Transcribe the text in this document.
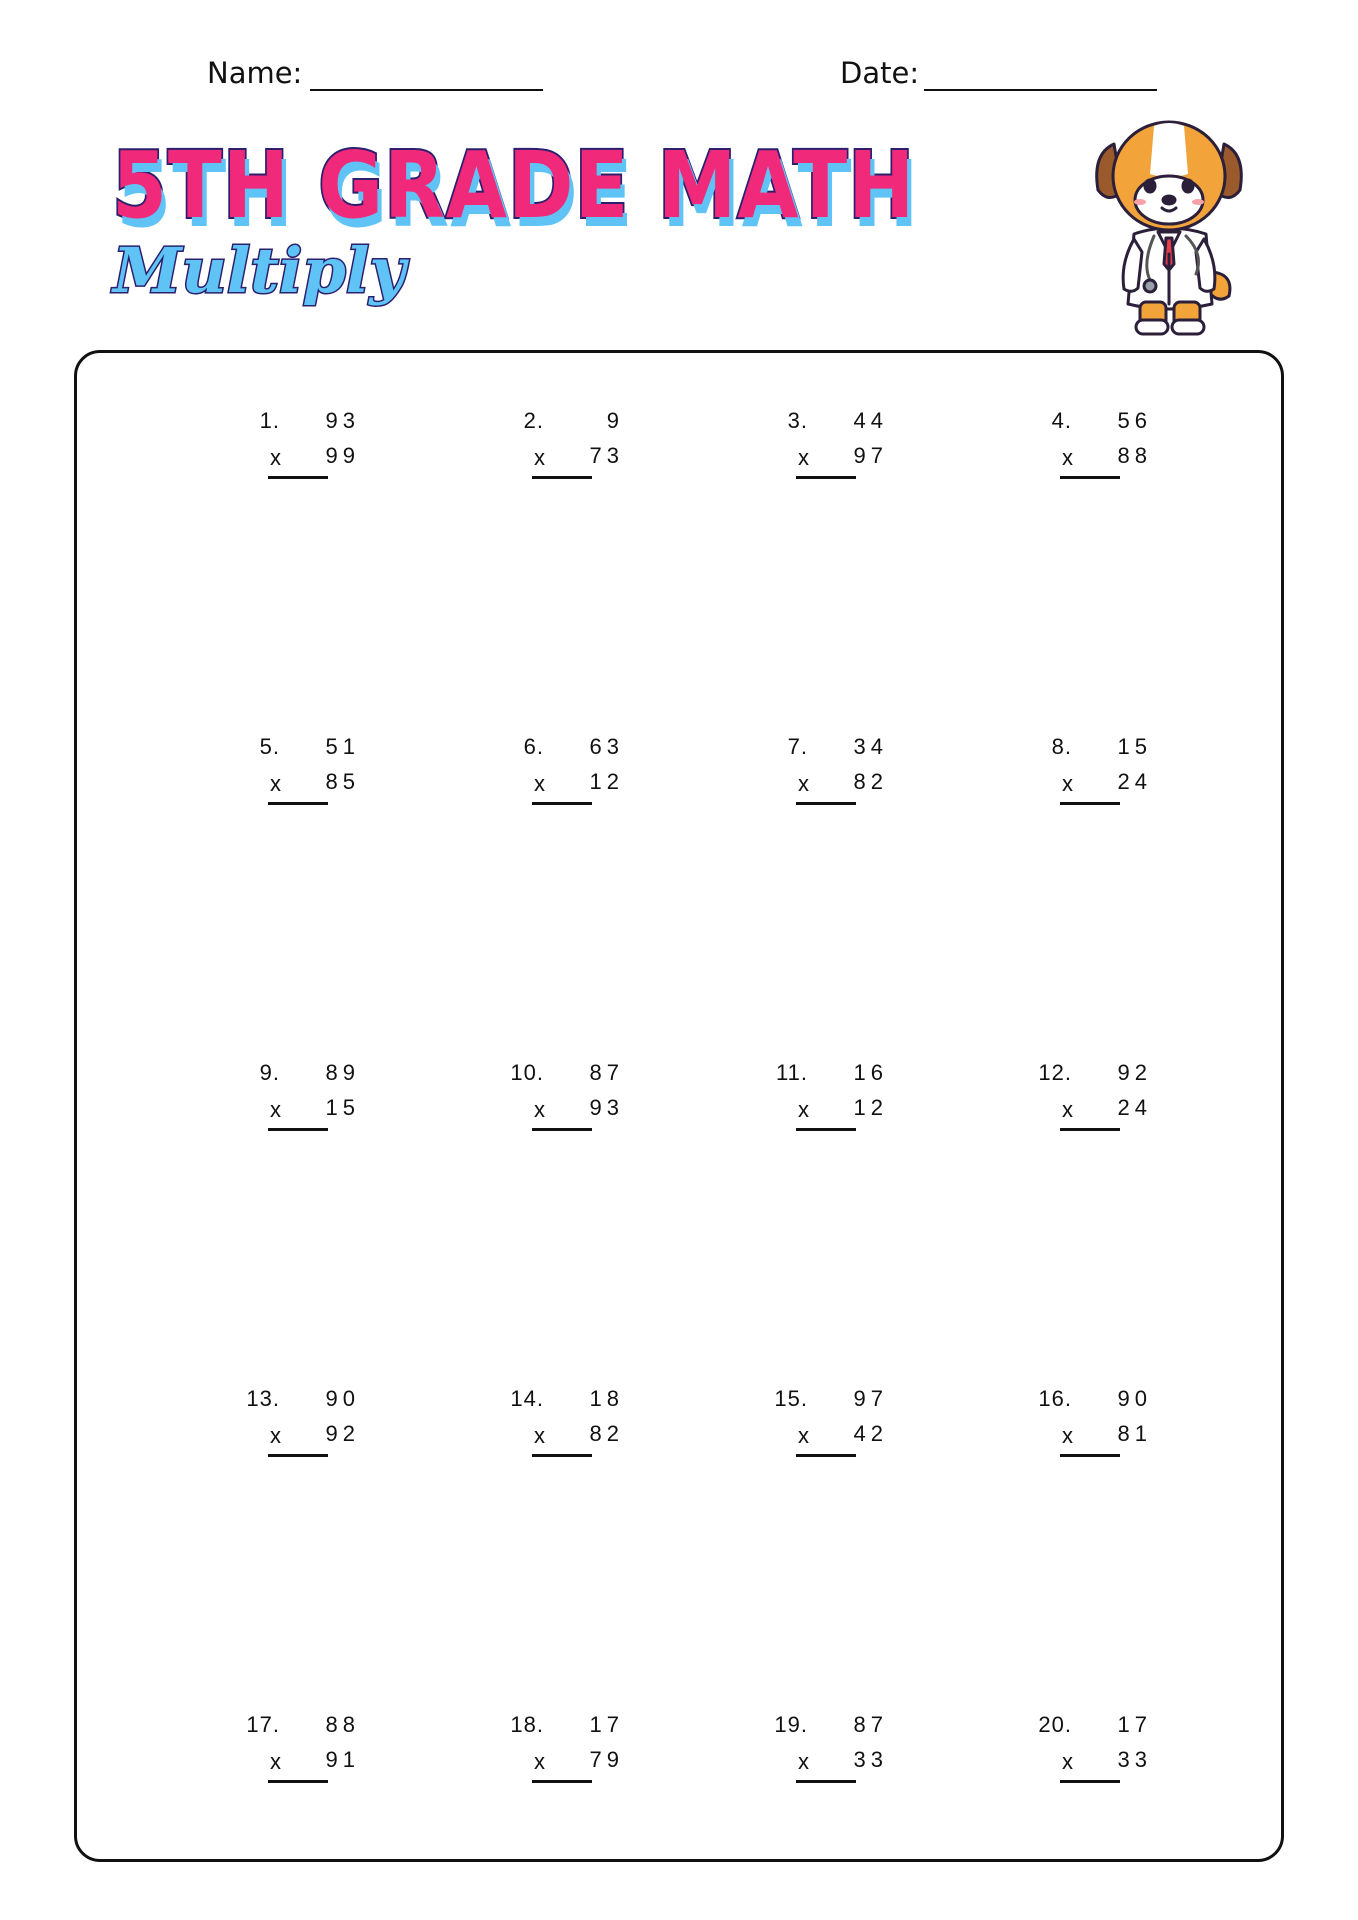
Name:	Date:
5TH GRADE MATH
Multiply
1. 93
x 99
2.	9
x 73
3. 44
x 97
4. 56
x 88
5. 51
x 85
6. 63
x 12
7. 34
x 82
8. 15
x 24
9. 89
x 15
10. 87
x 93
11. 16
x 12
12. 92
x 24
13. 90
x 92
14. 18
x 82
15. 97
x 42
16. 90
x 81
17. 88
x 91
18. 17
x 79
19. 87
x 33
20. 17
x 33
